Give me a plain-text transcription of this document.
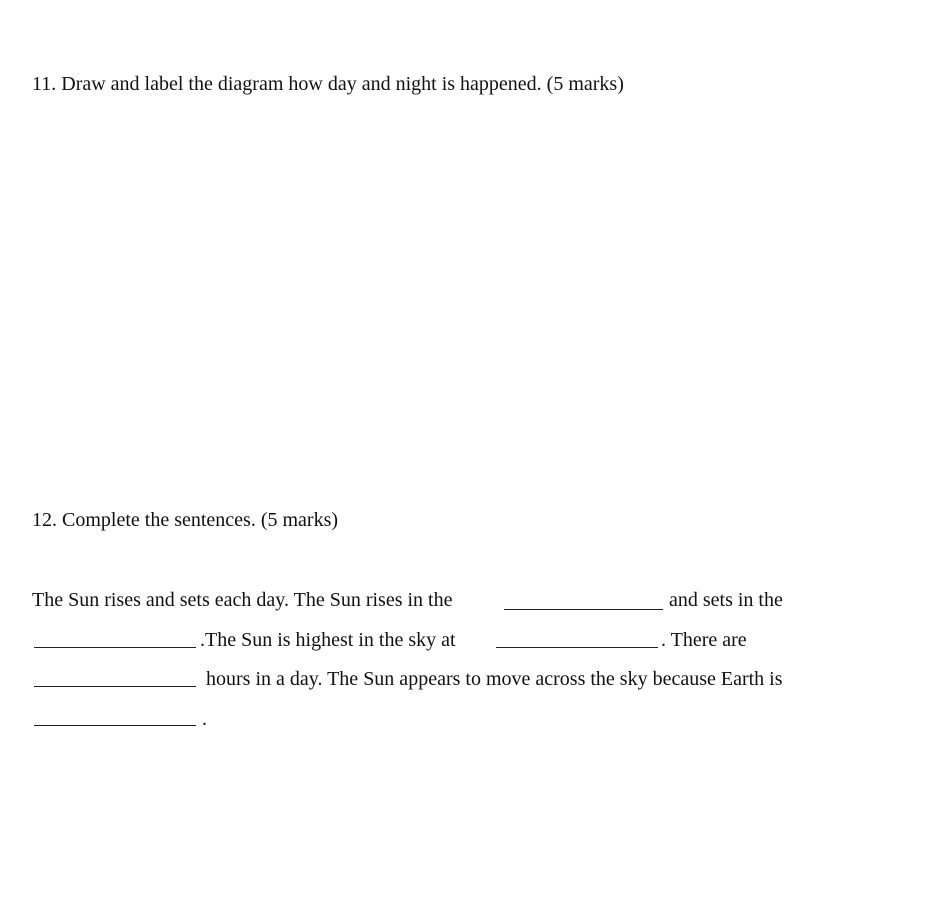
11. Draw and label the diagram how day and night is happened. (5 marks)
12. Complete the sentences. (5 marks)
The Sun rises and sets each day. The Sun rises in the	and sets in the
.The Sun is highest in the sky at	. There are
hours in a day. The Sun appears to move across the sky because Earth is
.
